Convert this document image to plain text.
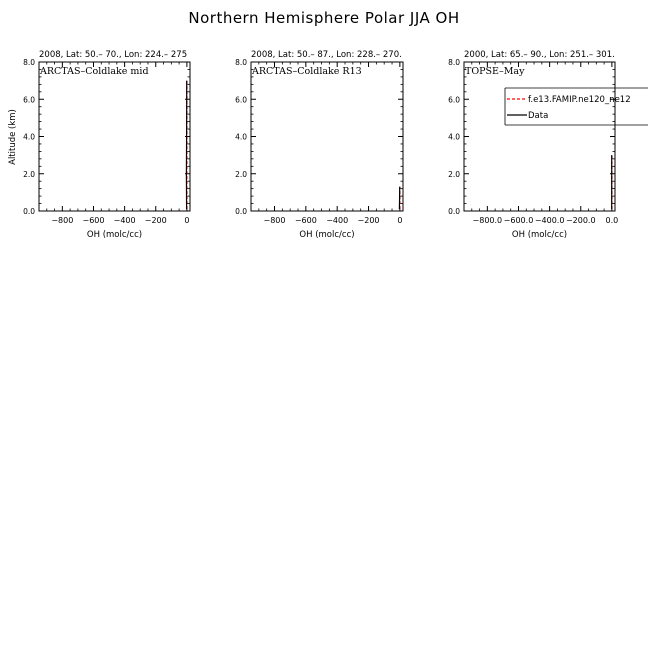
Northern Hemisphere Polar JJA OH
Altitude (km)
2008, Lat: 50.– 70., Lon: 224.– 275
ARCTAS–Coldlake mid
−800 −600 −400 −200 0
0.0
2.0
4.0
6.0
8.0
OH (molc/cc)
2008, Lat: 50.– 87., Lon: 228.– 270.
ARCTAS–Coldlake R13
−800 −600 −400 −200 0
0.0
2.0
4.0
6.0
8.0
OH (molc/cc)
2000, Lat: 65.– 90., Lon: 251.– 301.
TOPSE–May
−800.0 −600.0 −400.0 −200.0 0.0
0.0
2.0
4.0
6.0
8.0
OH (molc/cc)
f.e13.FAMIP.ne120_ne12
Data
